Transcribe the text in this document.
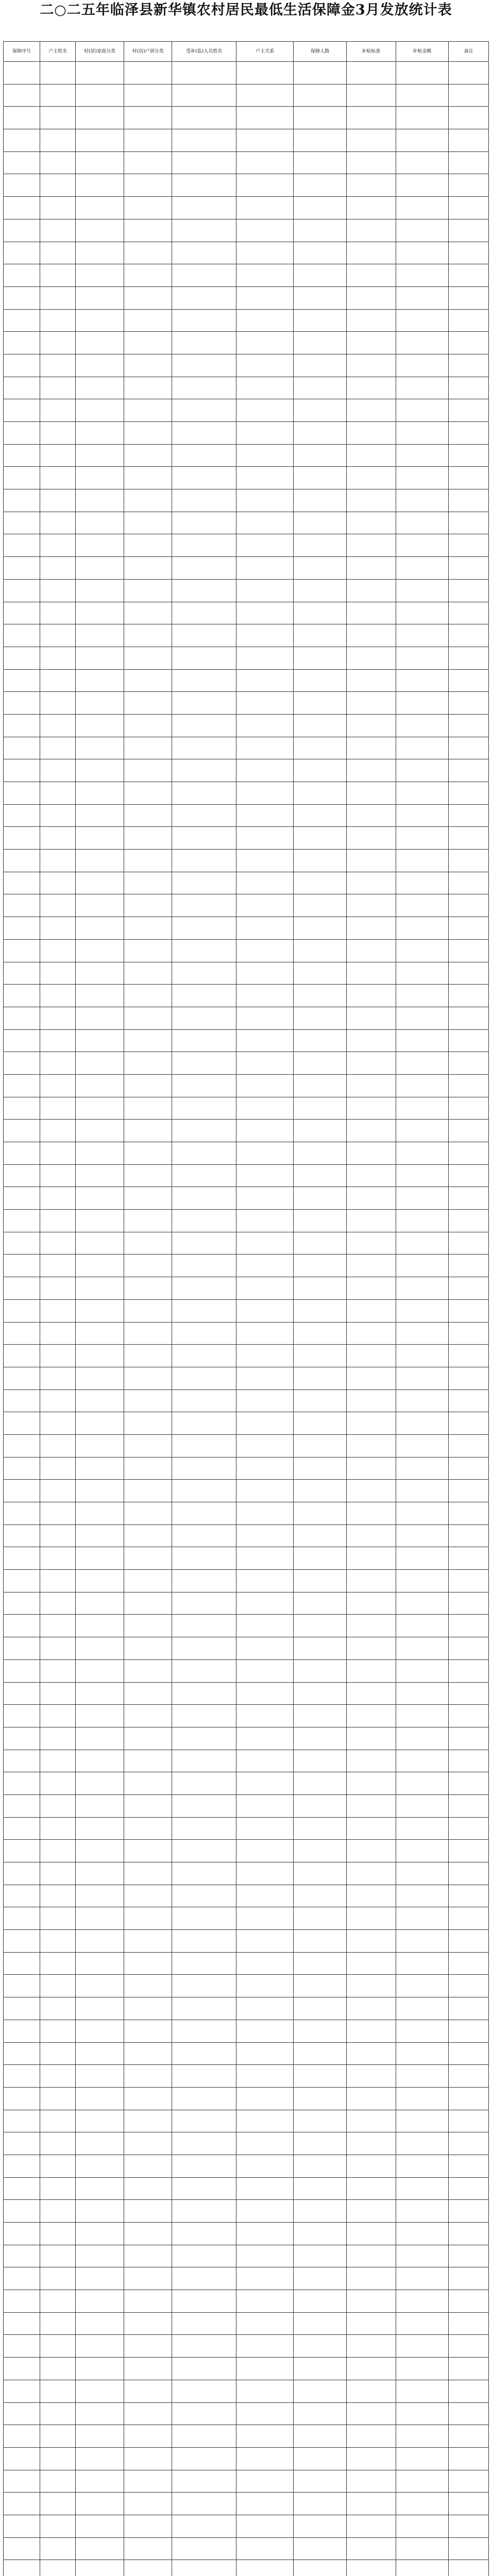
二○二五年临泽县新华镇农村居民最低生活保障金3月发放统计表
保障序号	户主姓名	村(居)家庭分类	村(居)户别分类	受补(监)人员姓名	户主关系	保障人数	补贴标准	补贴金额	备注
